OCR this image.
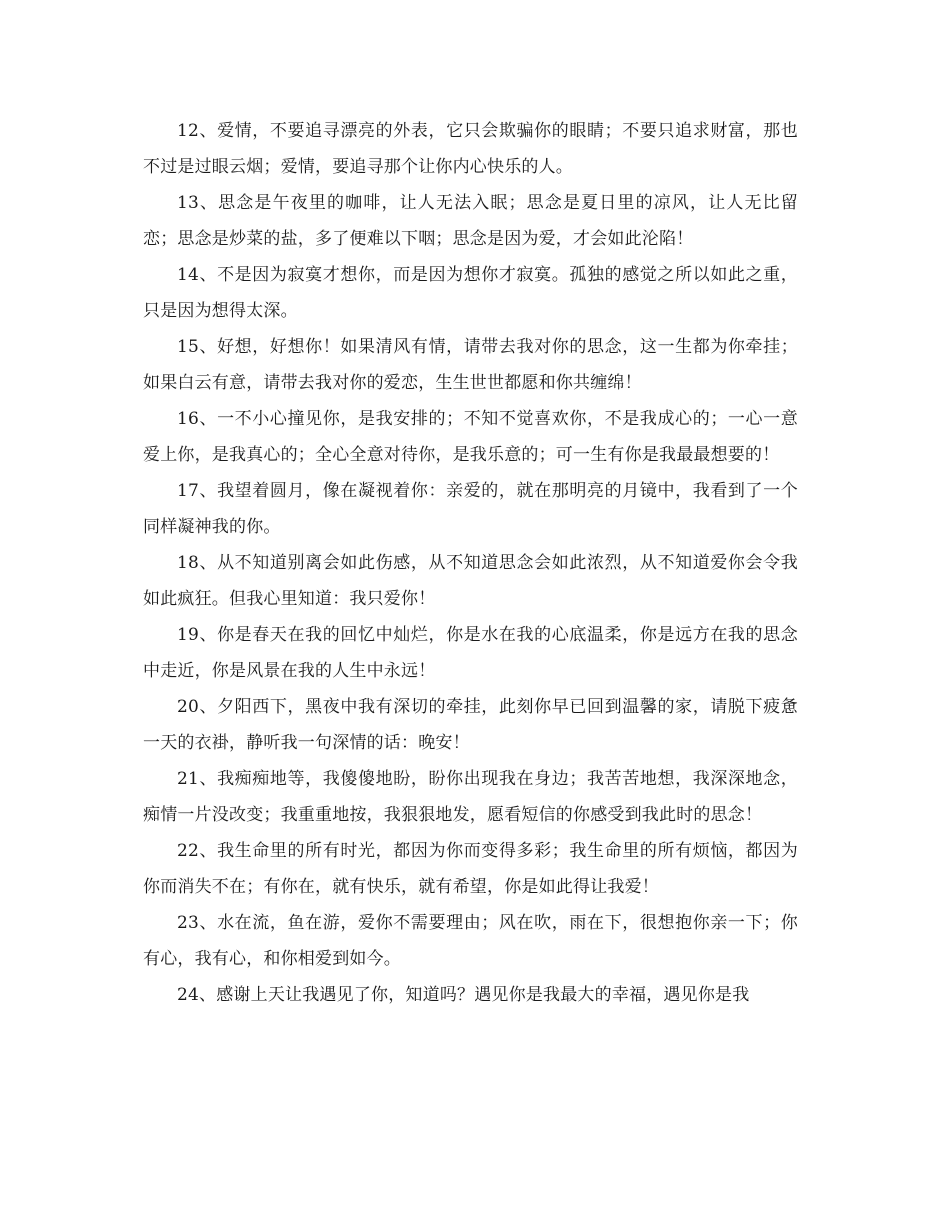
12、爱情，不要追寻漂亮的外表，它只会欺骗你的眼睛；不要只追求财富，那也不过是过眼云烟；爱情，要追寻那个让你内心快乐的人。

13、思念是午夜里的咖啡，让人无法入眠；思念是夏日里的凉风，让人无比留恋；思念是炒菜的盐，多了便难以下咽；思念是因为爱，才会如此沦陷！

14、不是因为寂寞才想你，而是因为想你才寂寞。孤独的感觉之所以如此之重，只是因为想得太深。

15、好想，好想你！如果清风有情，请带去我对你的思念，这一生都为你牵挂；如果白云有意，请带去我对你的爱恋，生生世世都愿和你共缠绵！

16、一不小心撞见你，是我安排的；不知不觉喜欢你，不是我成心的；一心一意爱上你，是我真心的；全心全意对待你，是我乐意的；可一生有你是我最最想要的！

17、我望着圆月，像在凝视着你：亲爱的，就在那明亮的月镜中，我看到了一个同样凝神我的你。

18、从不知道别离会如此伤感，从不知道思念会如此浓烈，从不知道爱你会令我如此疯狂。但我心里知道：我只爱你！

19、你是春天在我的回忆中灿烂，你是水在我的心底温柔，你是远方在我的思念中走近，你是风景在我的人生中永远！

20、夕阳西下，黑夜中我有深切的牵挂，此刻你早已回到温馨的家，请脱下疲惫一天的衣褂，静听我一句深情的话：晚安！

21、我痴痴地等，我傻傻地盼，盼你出现我在身边；我苦苦地想，我深深地念，痴情一片没改变；我重重地按，我狠狠地发，愿看短信的你感受到我此时的思念！

22、我生命里的所有时光，都因为你而变得多彩；我生命里的所有烦恼，都因为你而消失不在；有你在，就有快乐，就有希望，你是如此得让我爱！

23、水在流，鱼在游，爱你不需要理由；风在吹，雨在下，很想抱你亲一下；你有心，我有心，和你相爱到如今。

24、感谢上天让我遇见了你，知道吗？遇见你是我最大的幸福，遇见你是我
